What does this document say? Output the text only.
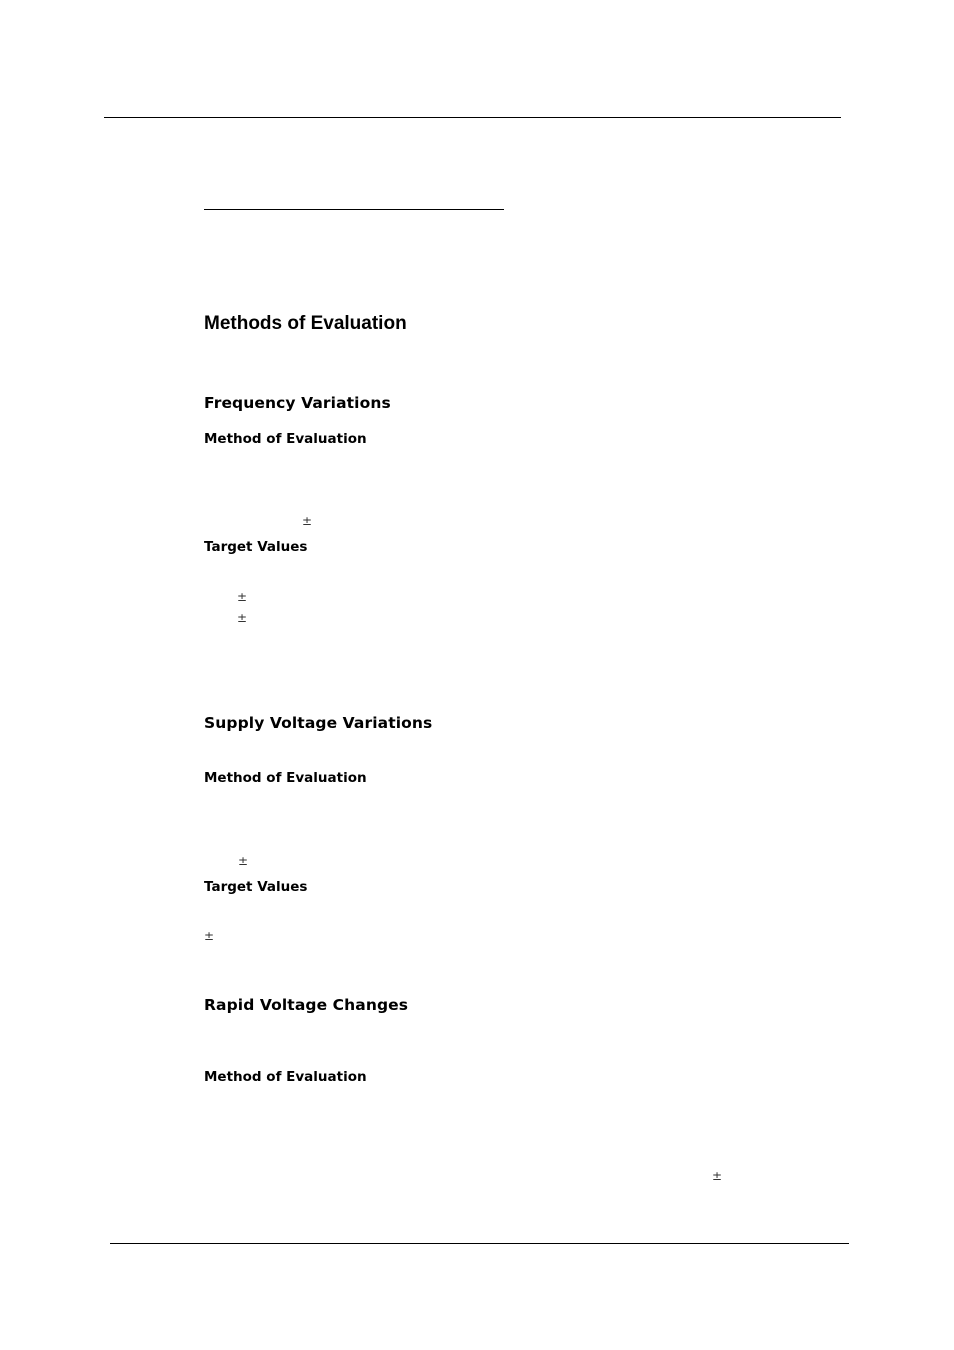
Methods of Evaluation
Frequency Variations
Method of Evaluation
±
Target Values
±
±
Supply Voltage Variations
Method of Evaluation
±
Target Values
±
Rapid Voltage Changes
Method of Evaluation
±
